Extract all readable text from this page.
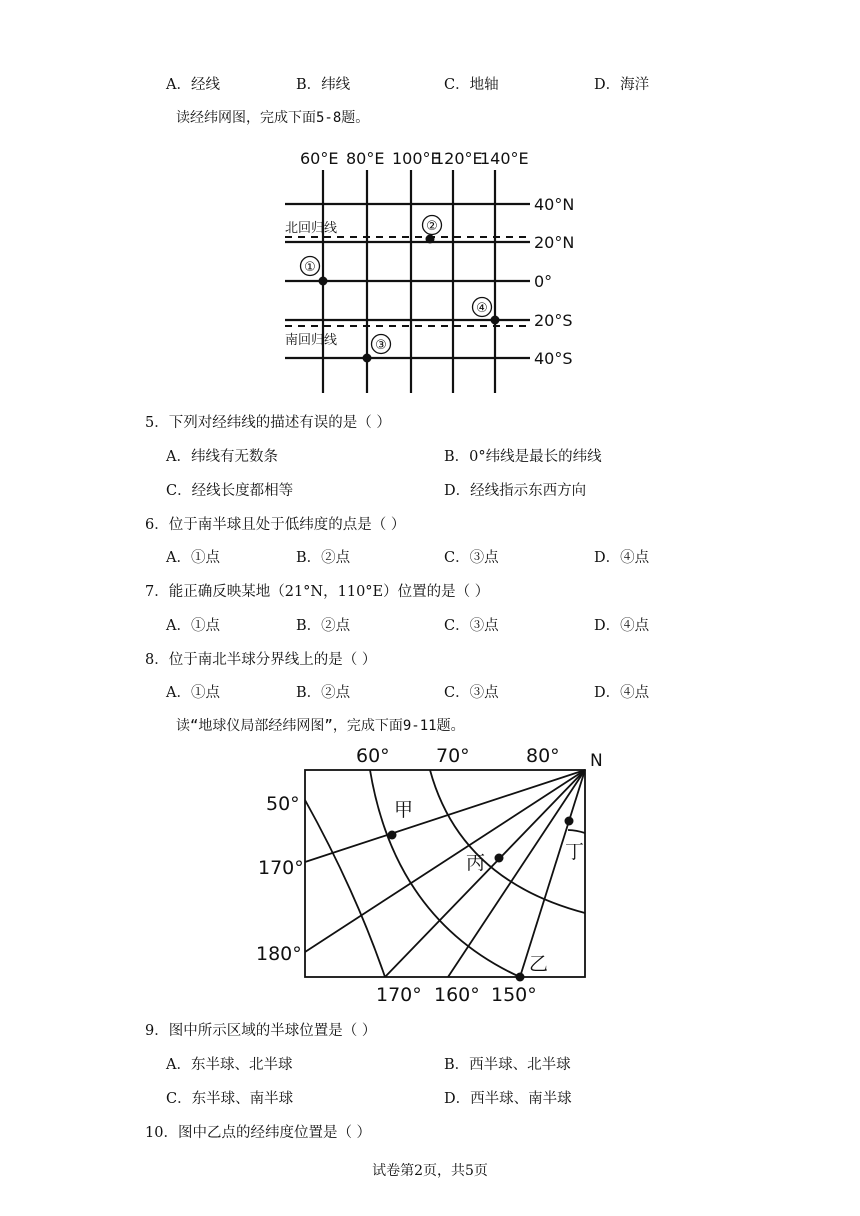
A．经线	B．纬线	C．地轴	D．海洋
读经纬网图，完成下面5-8题。
60°E 80°E 100°E
120°E
140°E
北回归线
南回归线
40°N
20°N
0°
20°S
40°S
①
②
③
④
5．下列对经纬线的描述有误的是（ ）
A．纬线有无数条	B．0°纬线是最长的纬线
C．经线长度都相等	D．经线指示东西方向
6．位于南半球且处于低纬度的点是（ ）
A．①点	B．②点	C．③点	D．④点
7．能正确反映某地（21°N，110°E）位置的是（ ）
A．①点	B．②点	C．③点	D．④点
8．位于南北半球分界线上的是（ ）
A．①点	B．②点	C．③点	D．④点
读“地球仪局部经纬网图”，完成下面9-11题。
60° 70°	80° N
50°
170°
180°
170° 160° 150°
甲
乙
丙	丁
9．图中所示区域的半球位置是（ ）
A．东半球、北半球	B．西半球、北半球
C．东半球、南半球	D．西半球、南半球
10．图中乙点的经纬度位置是（ ）
试卷第2页，共5页
